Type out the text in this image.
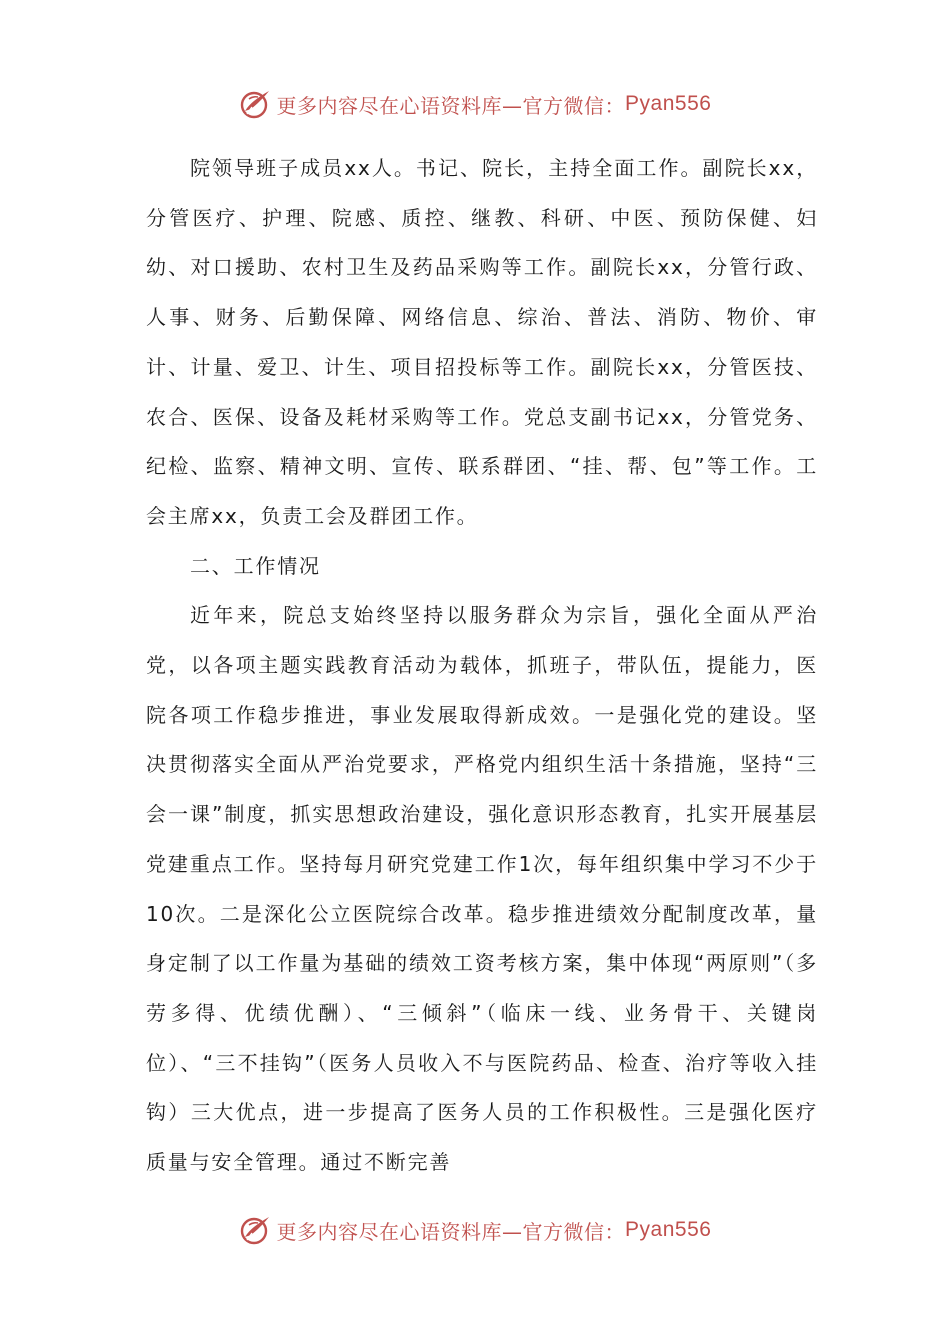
更多内容尽在心语资料库—官方微信： Pyan556

院领导班子成员xx人。书记、院长，主持全面工作。副院长xx，分管医疗、护理、院感、质控、继教、科研、中医、预防保健、妇幼、对口援助、农村卫生及药品采购等工作。副院长xx，分管行政、人事、财务、后勤保障、网络信息、综治、普法、消防、物价、审计、计量、爱卫、计生、项目招投标等工作。副院长xx，分管医技、农合、医保、设备及耗材采购等工作。党总支副书记xx，分管党务、纪检、监察、精神文明、宣传、联系群团、“挂、帮、包”等工作。工会主席xx，负责工会及群团工作。

二、工作情况

近年来，院总支始终坚持以服务群众为宗旨，强化全面从严治党，以各项主题实践教育活动为载体，抓班子，带队伍，提能力，医院各项工作稳步推进，事业发展取得新成效。一是强化党的建设。坚决贯彻落实全面从严治党要求，严格党内组织生活十条措施，坚持“三会一课”制度，抓实思想政治建设，强化意识形态教育，扎实开展基层党建重点工作。坚持每月研究党建工作1次，每年组织集中学习不少于10次。二是深化公立医院综合改革。稳步推进绩效分配制度改革，量身定制了以工作量为基础的绩效工资考核方案，集中体现“两原则”（多劳多得、优绩优酬）、“三倾斜”（临床一线、业务骨干、关键岗位）、“三不挂钩”（医务人员收入不与医院药品、检查、治疗等收入挂钩）三大优点，进一步提高了医务人员的工作积极性。三是强化医疗质量与安全管理。通过不断完善

更多内容尽在心语资料库—官方微信： Pyan556
